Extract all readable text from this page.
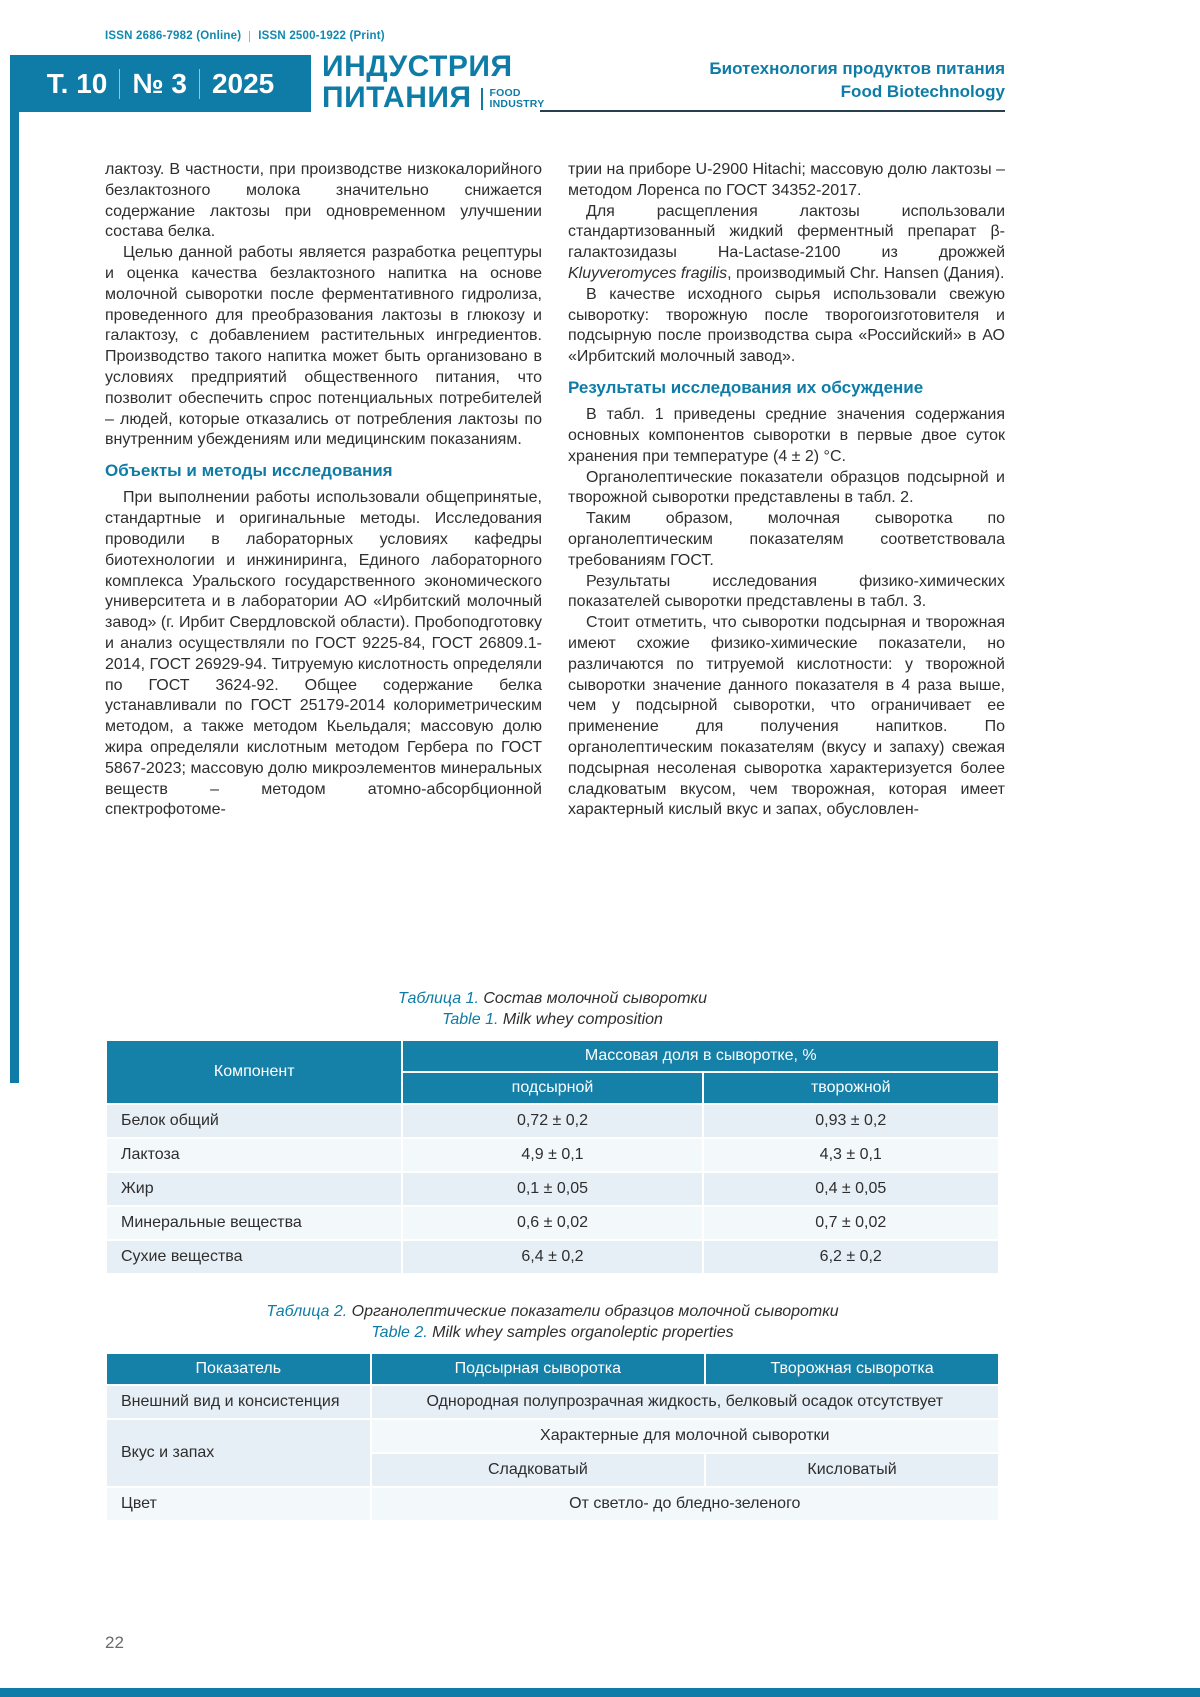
ISSN 2686-7982 (Online) ISSN 2500-1922 (Print)
Т. 10 № 3 2025 ИНДУСТРИЯ
ПИТАНИЯ	FOOD
INDUSTRY
Биотехнология продуктов питания
Food Biotechnology

лактозу. В частности, при производстве низкокалорийного безлактозного молока значительно снижается содержание лактозы при одновременном улучшении состава белка.

Целью данной работы является разработка рецептуры и оценка качества безлактозного напитка на основе молочной сыворотки после ферментативного гидролиза, проведенного для преобразования лактозы в глюкозу и галактозу, с добавлением растительных ингредиентов. Производство такого напитка может быть организовано в условиях предприятий общественного питания, что позволит обеспечить спрос потенциальных потребителей – людей, которые отказались от потребления лактозы по внутренним убеждениям или медицинским показаниям.

Объекты и методы исследования

При выполнении работы использовали общепринятые, стандартные и оригинальные методы. Исследования проводили в лабораторных условиях кафедры биотехнологии и инжиниринга, Единого лабораторного комплекса Уральского государственного экономического университета и в лаборатории АО «Ирбитский молочный завод» (г. Ирбит Свердловской области). Пробоподготовку и анализ осуществляли по ГОСТ 9225-84, ГОСТ 26809.1-2014, ГОСТ 26929-94. Титруемую кислотность определяли по ГОСТ 3624-92. Общее содержание белка устанавливали по ГОСТ 25179-2014 колориметрическим методом, а также методом Кьельдаля; массовую долю жира определяли кислотным методом Гербера по ГОСТ 5867-2023; массовую долю микроэлементов минеральных веществ – методом атомно-абсорбционной спектрофотоме-

трии на приборе U-2900 Hitachi; массовую долю лактозы – методом Лоренса по ГОСТ 34352-2017.

Для расщепления лактозы использовали стандартизованный жидкий ферментный препарат β-галактозидазы Ha-Lactase-2100 из дрожжей Kluyveromyces fragilis, производимый Chr. Hansen (Дания).

В качестве исходного сырья использовали свежую сыворотку: творожную после творогоизготовителя и подсырную после производства сыра «Российский» в АО «Ирбитский молочный завод».

Результаты исследования их обсуждение

В табл. 1 приведены средние значения содержания основных компонентов сыворотки в первые двое суток хранения при температуре (4 ± 2) °С.

Органолептические показатели образцов подсырной и творожной сыворотки представлены в табл. 2.

Таким образом, молочная сыворотка по органолептическим показателям соответствовала требованиям ГОСТ.

Результаты исследования физико-химических показателей сыворотки представлены в табл. 3.

Стоит отметить, что сыворотки подсырная и творожная имеют схожие физико-химические показатели, но различаются по титруемой кислотности: у творожной сыворотки значение данного показателя в 4 раза выше, чем у подсырной сыворотки, что ограничивает ее применение для получения напитков. По органолептическим показателям (вкусу и запаху) свежая подсырная несоленая сыворотка характеризуется более сладковатым вкусом, чем творожная, которая имеет характерный кислый вкус и запах, обусловлен-

Таблица 1. Состав молочной сыворотки
Table 1. Milk whey composition
Компонент	Массовая доля в сыворотке, %	
	подсырной	творожной
Белок общий	0,72 ± 0,2	0,93 ± 0,2
Лактоза	4,9 ± 0,1	4,3 ± 0,1
Жир	0,1 ± 0,05	0,4 ± 0,05
Минеральные вещества	0,6 ± 0,02	0,7 ± 0,02
Сухие вещества	6,4 ± 0,2	6,2 ± 0,2
Таблица 2. Органолептические показатели образцов молочной сыворотки
Table 2. Milk whey samples organoleptic properties
Показатель	Подсырная сыворотка	Творожная сыворотка
Внешний вид и консистенция	Однородная полупрозрачная жидкость, белковый осадок отсутствует	
Вкус и запах	Характерные для молочной сыворотки	
	Сладковатый	Кисловатый
Цвет	От светло- до бледно-зеленого	
22
